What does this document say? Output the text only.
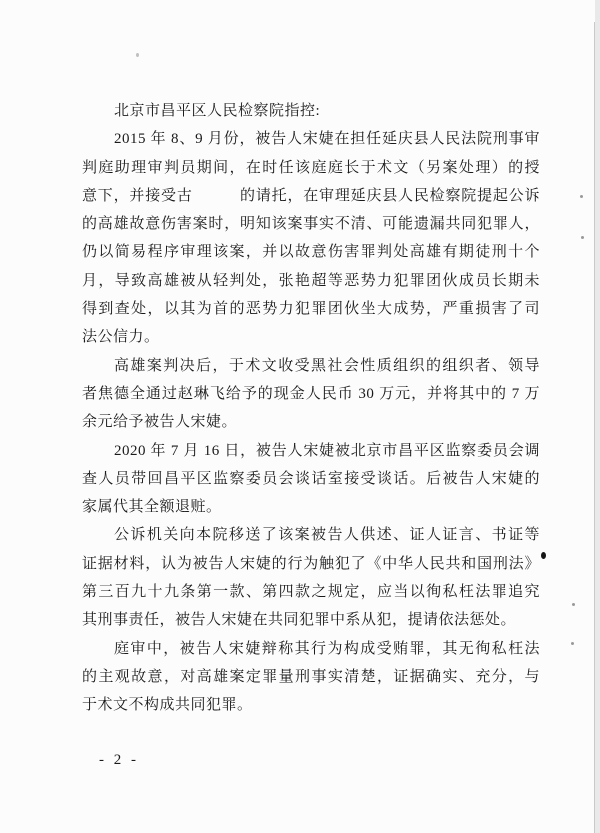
北京市昌平区人民检察院指控:
2015 年 8、9 月份，被告人宋婕在担任延庆县人民法院刑事审
判庭助理审判员期间，在时任该庭庭长于术文（另案处理）的授
意下，并接受古　　　的请托，在审理延庆县人民检察院提起公诉
的高雄故意伤害案时，明知该案事实不清、可能遗漏共同犯罪人，
仍以简易程序审理该案，并以故意伤害罪判处高雄有期徒刑十个
月，导致高雄被从轻判处，张艳超等恶势力犯罪团伙成员长期未
得到查处，以其为首的恶势力犯罪团伙坐大成势，严重损害了司
法公信力。
高雄案判决后，于术文收受黑社会性质组织的组织者、领导
者焦德全通过赵琳飞给予的现金人民币 30 万元，并将其中的 7 万
余元给予被告人宋婕。
2020 年 7 月 16 日，被告人宋婕被北京市昌平区监察委员会调
查人员带回昌平区监察委员会谈话室接受谈话。后被告人宋婕的
家属代其全额退赃。
公诉机关向本院移送了该案被告人供述、证人证言、书证等
证据材料，认为被告人宋婕的行为触犯了《中华人民共和国刑法》
第三百九十九条第一款、第四款之规定，应当以徇私枉法罪追究
其刑事责任，被告人宋婕在共同犯罪中系从犯，提请依法惩处。
庭审中，被告人宋婕辩称其行为构成受贿罪，其无徇私枉法
的主观故意，对高雄案定罪量刑事实清楚，证据确实、充分，与
于术文不构成共同犯罪。
- 2 -
